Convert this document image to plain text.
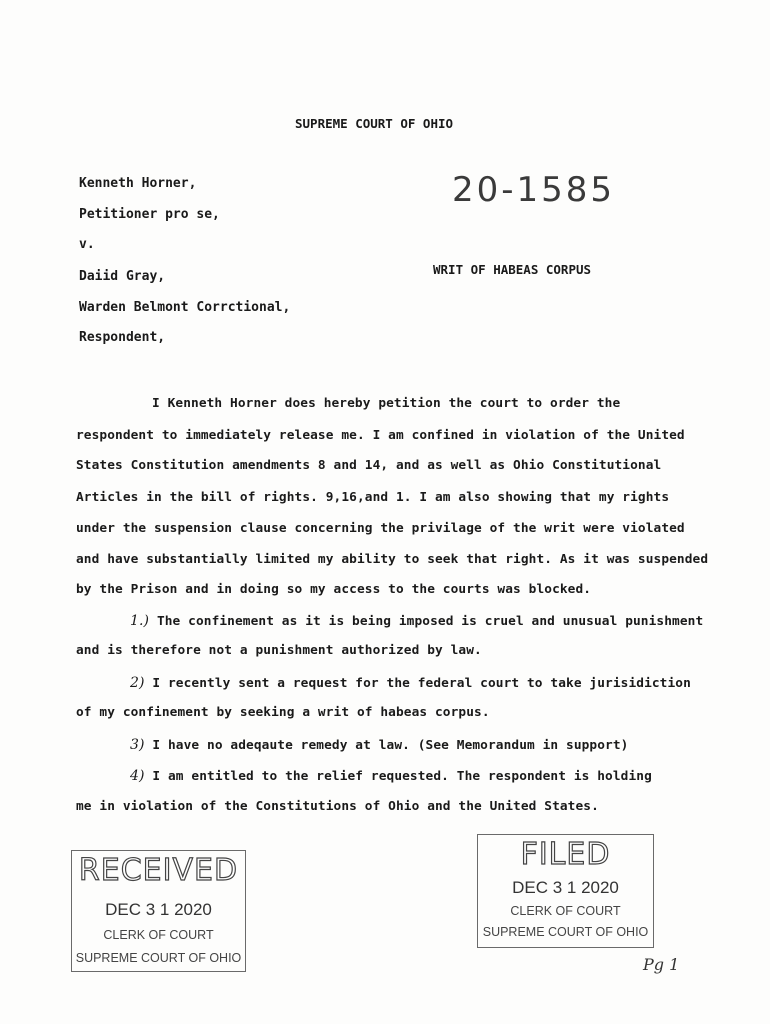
SUPREME COURT OF OHIO
Kenneth Horner,
Petitioner pro se,
v.
Daiid Gray,
Warden Belmont Corrctional,
Respondent,
20-1585
WRIT OF HABEAS CORPUS
I Kenneth Horner does hereby petition the court to order the
respondent to immediately release me. I am confined in violation of the United
States Constitution amendments 8 and 14, and as well as Ohio Constitutional
Articles in the bill of rights. 9,16,and 1. I am also showing that my rights
under the suspension clause concerning the privilage of the writ were violated
and have substantially limited my ability to seek that right. As it was suspended
by the Prison and in doing so my access to the courts was blocked.
1.) The confinement as it is being imposed is cruel and unusual punishment
and is therefore not a punishment authorized by law.
2) I recently sent a request for the federal court to take jurisidiction
of my confinement by seeking a writ of habeas corpus.
3) I have no adeqaute remedy at law. (See Memorandum in support)
4) I am entitled to the relief requested. The respondent is holding
me in violation of the Constitutions of Ohio and the United States.
RECEIVED
DEC 3 1 2020
CLERK OF COURT
SUPREME COURT OF OHIO
FILED
DEC 3 1 2020
CLERK OF COURT
SUPREME COURT OF OHIO
Pg 1
